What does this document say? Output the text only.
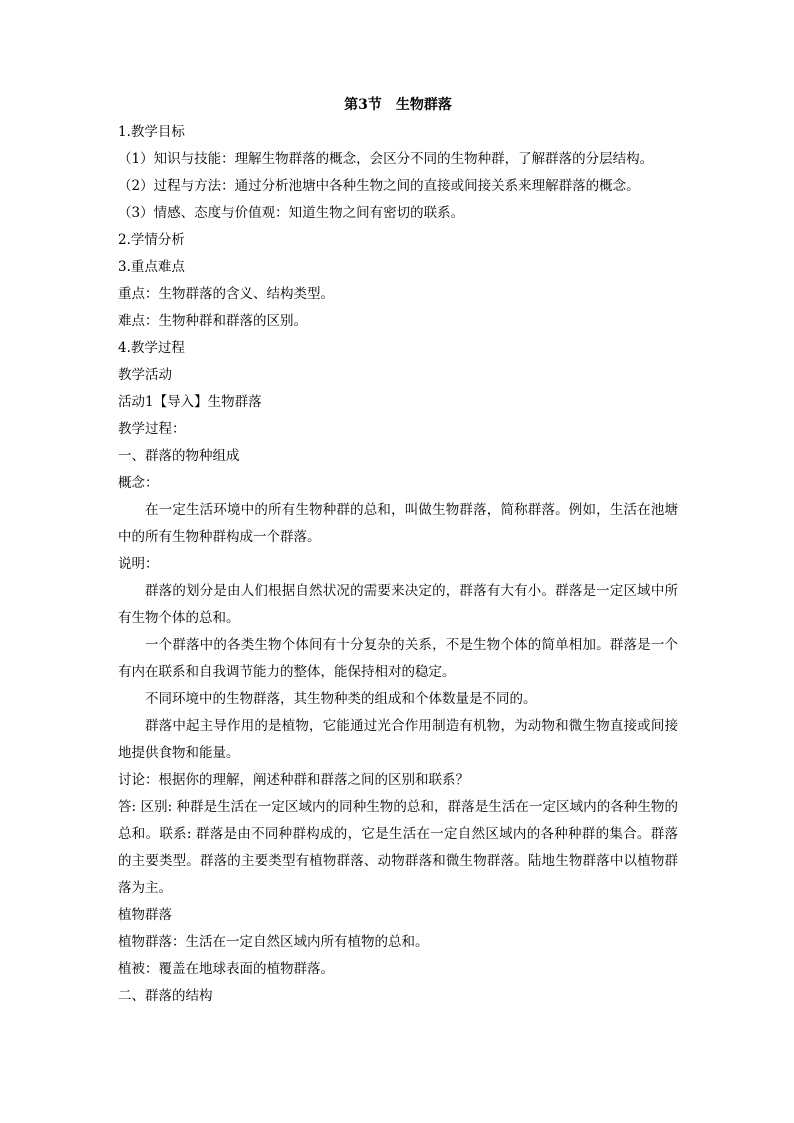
第3节　生物群落

1.教学目标

（1）知识与技能：理解生物群落的概念，会区分不同的生物种群，了解群落的分层结构。

（2）过程与方法：通过分析池塘中各种生物之间的直接或间接关系来理解群落的概念。

（3）情感、态度与价值观：知道生物之间有密切的联系。

2.学情分析

3.重点难点

重点：生物群落的含义、结构类型。

难点：生物种群和群落的区别。

4.教学过程

教学活动

活动1【导入】生物群落

教学过程：

一、群落的物种组成

概念：

在一定生活环境中的所有生物种群的总和，叫做生物群落，简称群落。例如，生活在池塘中的所有生物种群构成一个群落。

说明：

群落的划分是由人们根据自然状况的需要来决定的，群落有大有小。群落是一定区域中所有生物个体的总和。

一个群落中的各类生物个体间有十分复杂的关系，不是生物个体的简单相加。群落是一个有内在联系和自我调节能力的整体，能保持相对的稳定。

不同环境中的生物群落，其生物种类的组成和个体数量是不同的。

群落中起主导作用的是植物，它能通过光合作用制造有机物，为动物和微生物直接或间接地提供食物和能量。

讨论：根据你的理解，阐述种群和群落之间的区别和联系？

答: 区别: 种群是生活在一定区域内的同种生物的总和，群落是生活在一定区域内的各种生物的总和。联系: 群落是由不同种群构成的，它是生活在一定自然区域内的各种种群的集合。群落的主要类型。群落的主要类型有植物群落、动物群落和微生物群落。陆地生物群落中以植物群落为主。

植物群落

植物群落：生活在一定自然区域内所有植物的总和。

植被：覆盖在地球表面的植物群落。

二、群落的结构
